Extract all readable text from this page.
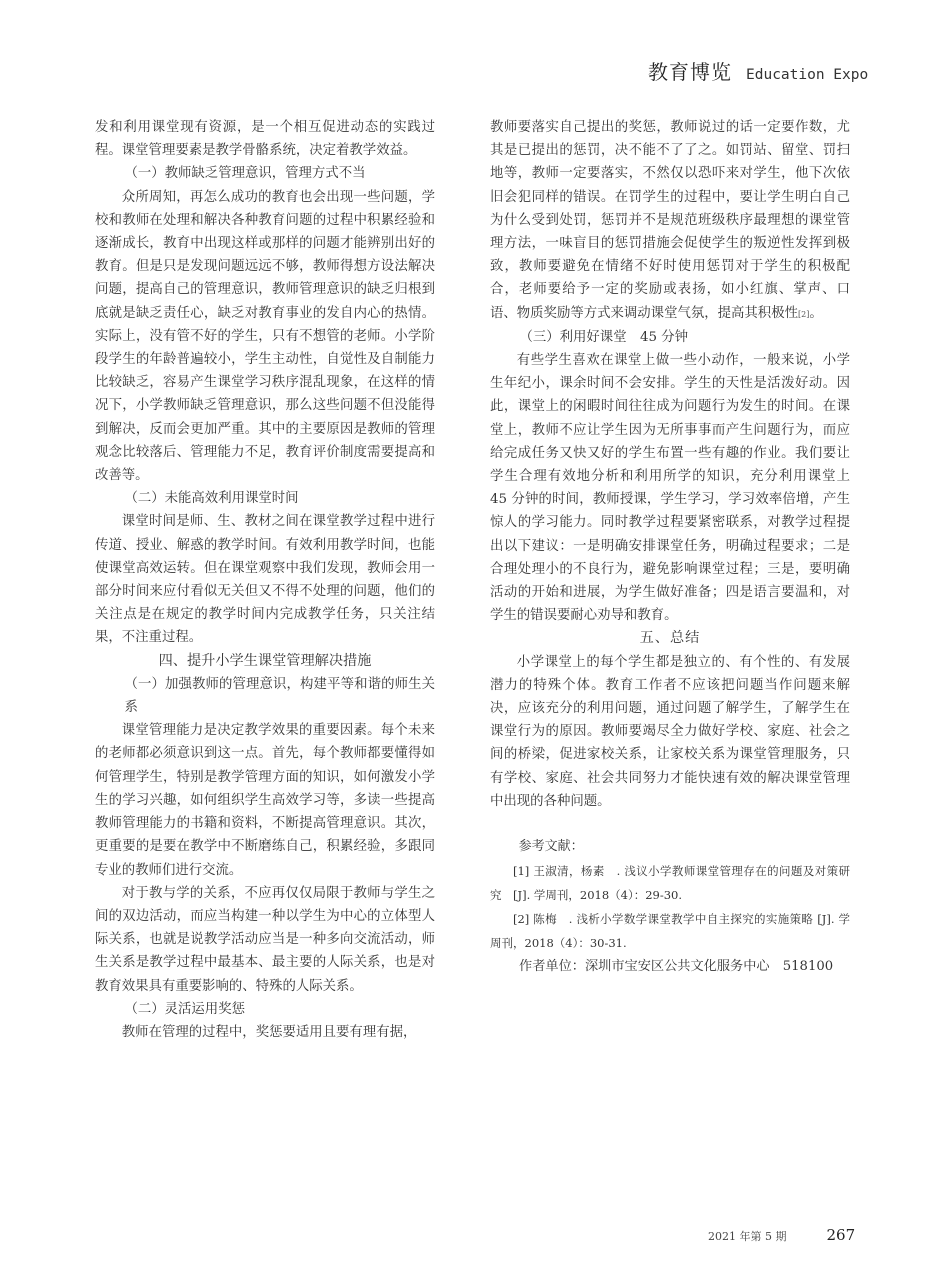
教育博览 Education Expo

发和利用课堂现有资源，是一个相互促进动态的实践过程。课堂管理要素是教学骨骼系统，决定着教学效益。

（一）教师缺乏管理意识，管理方式不当

众所周知，再怎么成功的教育也会出现一些问题，学校和教师在处理和解决各种教育问题的过程中积累经验和逐渐成长，教育中出现这样或那样的问题才能辨别出好的教育。但是只是发现问题远远不够，教师得想方设法解决问题，提高自己的管理意识，教师管理意识的缺乏归根到底就是缺乏责任心，缺乏对教育事业的发自内心的热情。实际上，没有管不好的学生，只有不想管的老师。小学阶段学生的年龄普遍较小，学生主动性，自觉性及自制能力比较缺乏，容易产生课堂学习秩序混乱现象，在这样的情况下，小学教师缺乏管理意识，那么这些问题不但没能得到解决，反而会更加严重。其中的主要原因是教师的管理观念比较落后、管理能力不足，教育评价制度需要提高和改善等。

（二）未能高效利用课堂时间

课堂时间是师、生、教材之间在课堂教学过程中进行传道、授业、解惑的教学时间。有效利用教学时间，也能使课堂高效运转。但在课堂观察中我们发现，教师会用一部分时间来应付看似无关但又不得不处理的问题，他们的关注点是在规定的教学时间内完成教学任务，只关注结果，不注重过程。

四、提升小学生课堂管理解决措施

（一）加强教师的管理意识，构建平等和谐的师生关系

课堂管理能力是决定教学效果的重要因素。每个未来的老师都必须意识到这一点。首先，每个教师都要懂得如何管理学生，特别是教学管理方面的知识，如何激发小学生的学习兴趣，如何组织学生高效学习等，多读一些提高教师管理能力的书籍和资料，不断提高管理意识。其次，更重要的是要在教学中不断磨练自己，积累经验，多跟同专业的教师们进行交流。

对于教与学的关系，不应再仅仅局限于教师与学生之间的双边活动，而应当构建一种以学生为中心的立体型人际关系，也就是说教学活动应当是一种多向交流活动，师生关系是教学过程中最基本、最主要的人际关系，也是对教育效果具有重要影响的、特殊的人际关系。

（二）灵活运用奖惩

教师在管理的过程中，奖惩要适用且要有理有据，

教师要落实自己提出的奖惩，教师说过的话一定要作数，尤其是已提出的惩罚，决不能不了了之。如罚站、留堂、罚扫地等，教师一定要落实，不然仅以恐吓来对学生，他下次依旧会犯同样的错误。在罚学生的过程中，要让学生明白自己为什么受到处罚，惩罚并不是规范班级秩序最理想的课堂管理方法，一味盲目的惩罚措施会促使学生的叛逆性发挥到极致，教师要避免在情绪不好时使用惩罚对于学生的积极配合，老师要给予一定的奖励或表扬，如小红旗、掌声、口语、物质奖励等方式来调动课堂气氛，提高其积极性[2]。

（三）利用好课堂　45 分钟

有些学生喜欢在课堂上做一些小动作，一般来说，小学生年纪小，课余时间不会安排。学生的天性是活泼好动。因此，课堂上的闲暇时间往往成为问题行为发生的时间。在课堂上，教师不应让学生因为无所事事而产生问题行为，而应给完成任务又快又好的学生布置一些有趣的作业。我们要让学生合理有效地分析和利用所学的知识，充分利用课堂上　　45 分钟的时间，教师授课，学生学习，学习效率倍增，产生惊人的学习能力。同时教学过程要紧密联系，对教学过程提出以下建议：一是明确安排课堂任务，明确过程要求；二是合理处理小的不良行为，避免影响课堂过程；三是，要明确活动的开始和进展，为学生做好准备；四是语言要温和，对学生的错误要耐心劝导和教育。

五、总结

小学课堂上的每个学生都是独立的、有个性的、有发展潜力的特殊个体。教育工作者不应该把问题当作问题来解决，应该充分的利用问题，通过问题了解学生，了解学生在课堂行为的原因。教师要竭尽全力做好学校、家庭、社会之间的桥梁，促进家校关系，让家校关系为课堂管理服务，只有学校、家庭、社会共同努力才能快速有效的解决课堂管理中出现的各种问题。

参考文献：

[1] 王淑清，杨素　. 浅议小学教师课堂管理存在的问题及对策研究　[J]. 学周刊，2018（4）：29-30.

[2] 陈梅　. 浅析小学数学课堂教学中自主探究的实施策略 [J]. 学周刊，2018（4）：30-31.

作者单位：深圳市宝安区公共文化服务中心　518100

2021 年第 5 期	267
